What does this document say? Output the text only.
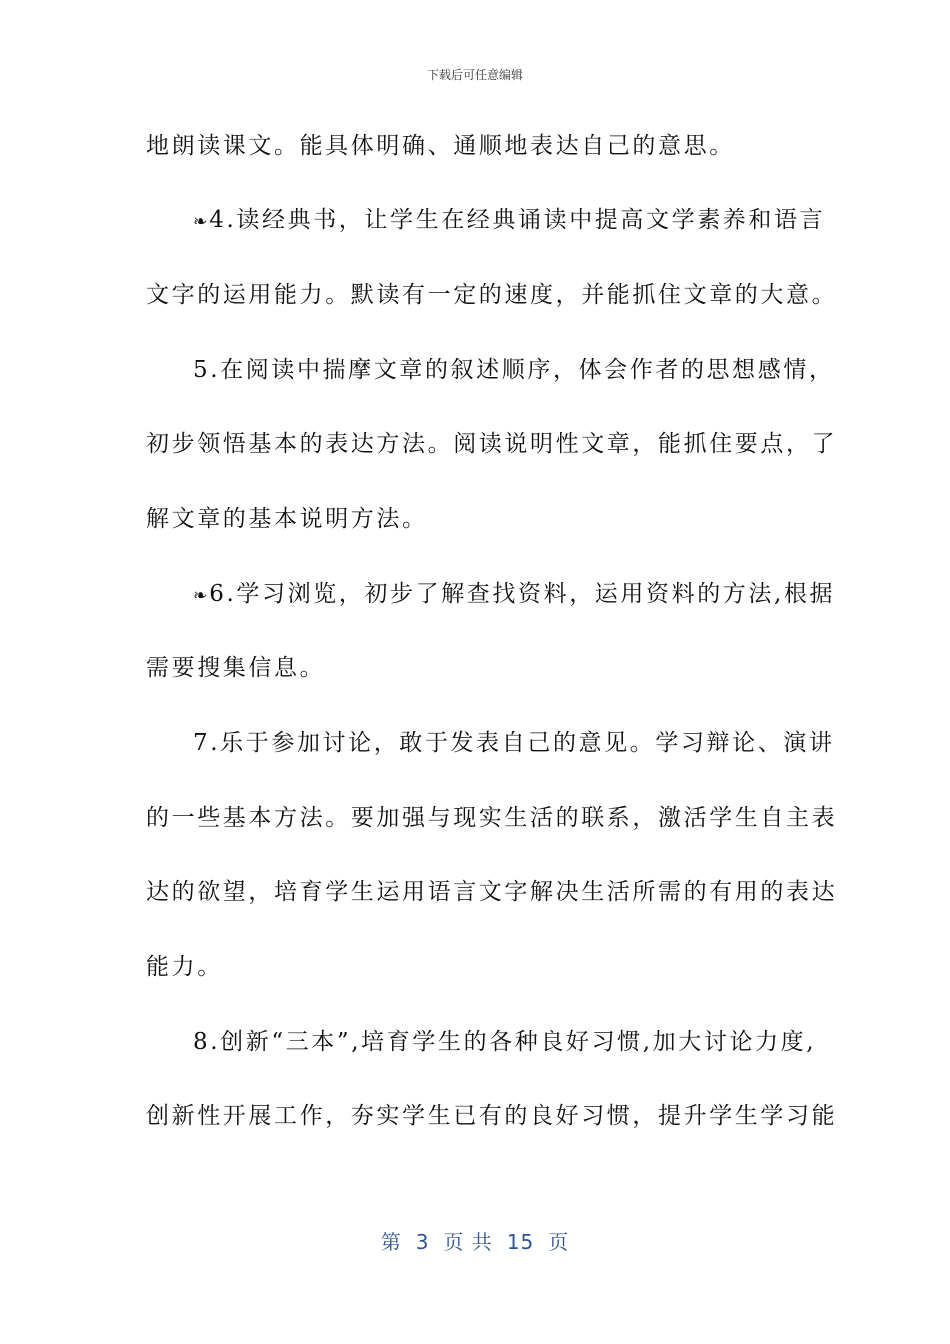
下载后可任意编辑
地朗读课文。能具体明确、通顺地表达自己的意思。
❧4.读经典书，让学生在经典诵读中提高文学素养和语言
文字的运用能力。默读有一定的速度，并能抓住文章的大意。
5.在阅读中揣摩文章的叙述顺序，体会作者的思想感情，
初步领悟基本的表达方法。阅读说明性文章，能抓住要点，了
解文章的基本说明方法。
❧6.学习浏览，初步了解查找资料，运用资料的方法,根据
需要搜集信息。
7.乐于参加讨论，敢于发表自己的意见。学习辩论、演讲
的一些基本方法。要加强与现实生活的联系，激活学生自主表
达的欲望，培育学生运用语言文字解决生活所需的有用的表达
能力。
8.创新“三本”,培育学生的各种良好习惯,加大讨论力度,
创新性开展工作，夯实学生已有的良好习惯，提升学生学习能
第 3 页 共 15 页
